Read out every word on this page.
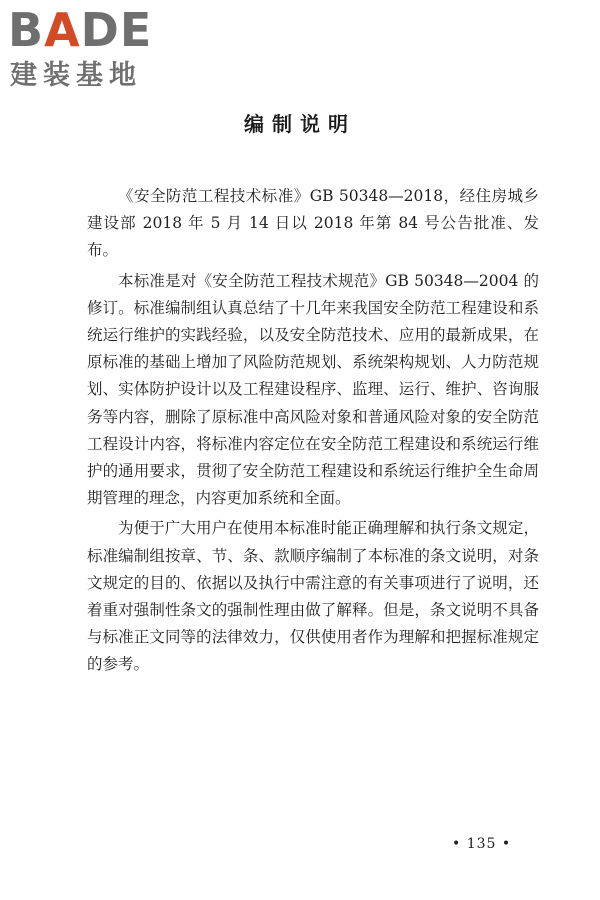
BADE
建装基地
编制说明

《安全防范工程技术标准》GB 50348—2018，经住房城乡建设部 2018 年 5 月 14 日以 2018 年第 84 号公告批准、发布。

本标准是对《安全防范工程技术规范》GB 50348—2004 的修订。标准编制组认真总结了十几年来我国安全防范工程建设和系统运行维护的实践经验，以及安全防范技术、应用的最新成果，在原标准的基础上增加了风险防范规划、系统架构规划、人力防范规划、实体防护设计以及工程建设程序、监理、运行、维护、咨询服务等内容，删除了原标准中高风险对象和普通风险对象的安全防范工程设计内容，将标准内容定位在安全防范工程建设和系统运行维护的通用要求，贯彻了安全防范工程建设和系统运行维护全生命周期管理的理念，内容更加系统和全面。

为便于广大用户在使用本标准时能正确理解和执行条文规定，标准编制组按章、节、条、款顺序编制了本标准的条文说明，对条文规定的目的、依据以及执行中需注意的有关事项进行了说明，还着重对强制性条文的强制性理由做了解释。但是，条文说明不具备与标准正文同等的法律效力，仅供使用者作为理解和把握标准规定的参考。

• 135 •
